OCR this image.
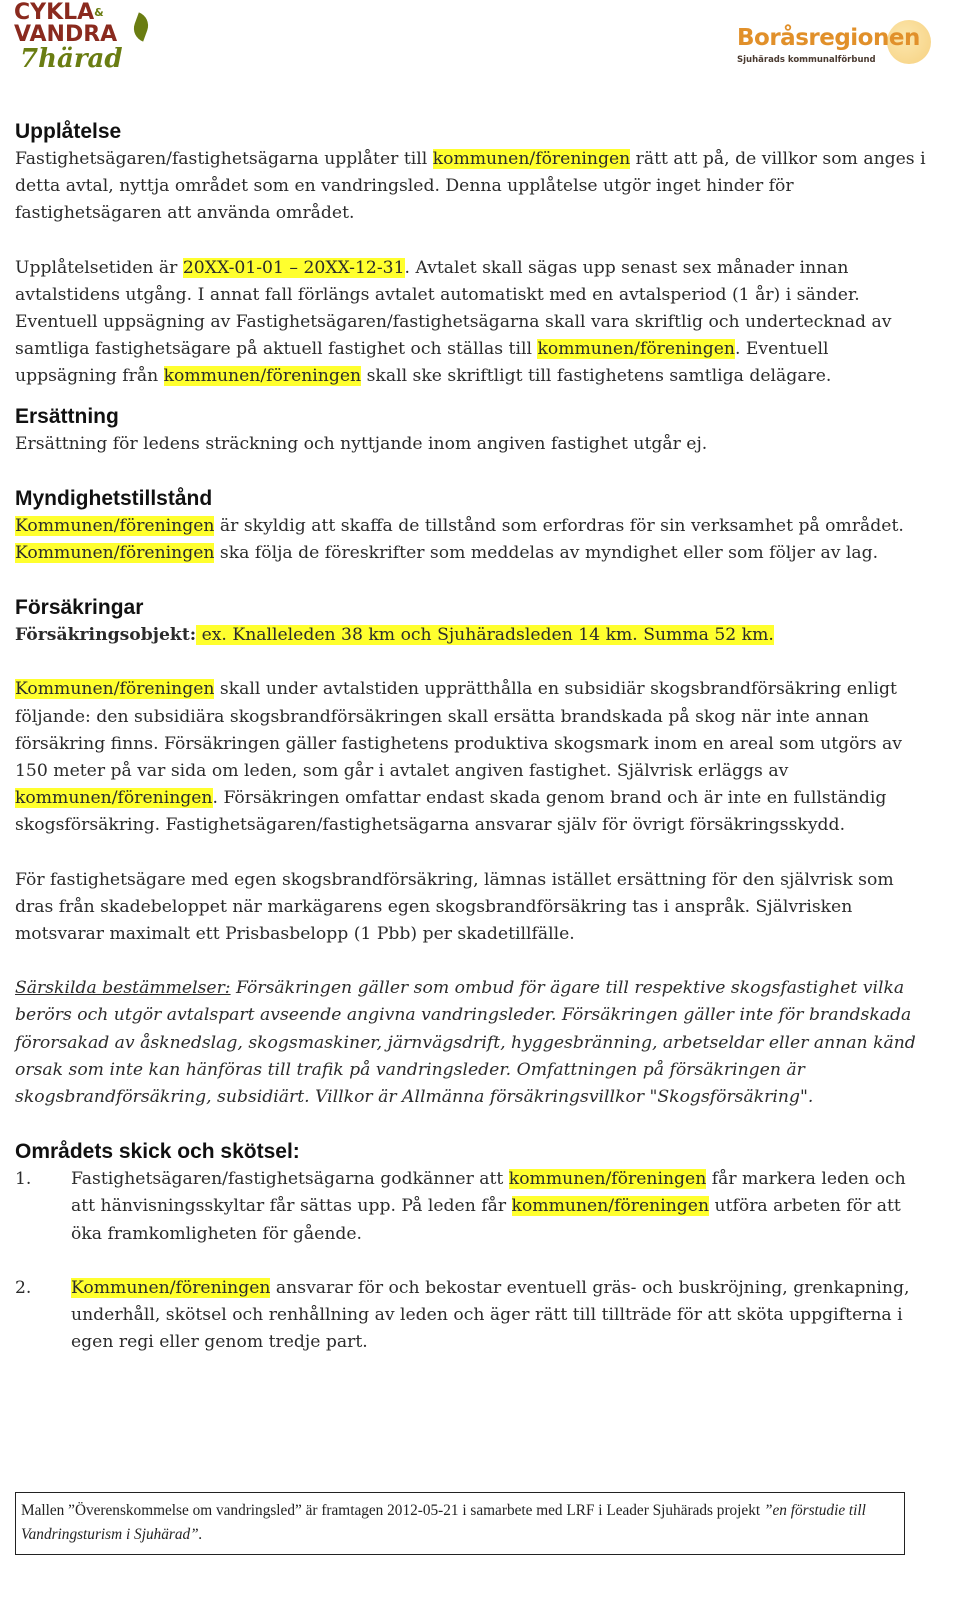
CYKLA&
VANDRA
7härad
Boråsregionen
Sjuhärads kommunalförbund
Upplåtelse

Fastighetsägaren/fastighetsägarna upplåter till kommunen/föreningen rätt att på, de villkor som anges i detta avtal, nyttja området som en vandringsled. Denna upplåtelse utgör inget hinder för fastighetsägaren att använda området.

Upplåtelsetiden är 20XX-01-01 – 20XX-12-31. Avtalet skall sägas upp senast sex månader innan avtalstidens utgång. I annat fall förlängs avtalet automatiskt med en avtalsperiod (1 år) i sänder. Eventuell uppsägning av Fastighetsägaren/fastighetsägarna skall vara skriftlig och undertecknad av samtliga fastighetsägare på aktuell fastighet och ställas till kommunen/föreningen. Eventuell uppsägning från kommunen/föreningen skall ske skriftligt till fastighetens samtliga delägare.

Ersättning

Ersättning för ledens sträckning och nyttjande inom angiven fastighet utgår ej.

Myndighetstillstånd

Kommunen/föreningen är skyldig att skaffa de tillstånd som erfordras för sin verksamhet på området. Kommunen/föreningen ska följa de föreskrifter som meddelas av myndighet eller som följer av lag.

Försäkringar

Försäkringsobjekt: ex. Knalleleden 38 km och Sjuhäradsleden 14 km. Summa 52 km.

Kommunen/föreningen skall under avtalstiden upprätthålla en subsidiär skogsbrandförsäkring enligt följande: den subsidiära skogsbrandförsäkringen skall ersätta brandskada på skog när inte annan försäkring finns. Försäkringen gäller fastighetens produktiva skogsmark inom en areal som utgörs av 150 meter på var sida om leden, som går i avtalet angiven fastighet. Självrisk erläggs av kommunen/föreningen. Försäkringen omfattar endast skada genom brand och är inte en fullständig skogsförsäkring. Fastighetsägaren/fastighetsägarna ansvarar själv för övrigt försäkringsskydd.

För fastighetsägare med egen skogsbrandförsäkring, lämnas istället ersättning för den självrisk som dras från skadebeloppet när markägarens egen skogsbrandförsäkring tas i anspråk. Självrisken motsvarar maximalt ett Prisbasbelopp (1 Pbb) per skadetillfälle.

Särskilda bestämmelser: Försäkringen gäller som ombud för ägare till respektive skogsfastighet vilka berörs och utgör avtalspart avseende angivna vandringsleder. Försäkringen gäller inte för brandskada förorsakad av åsknedslag, skogsmaskiner, järnvägsdrift, hyggesbränning, arbetseldar eller annan känd orsak som inte kan hänföras till trafik på vandringsleder. Omfattningen på försäkringen är skogsbrandförsäkring, subsidiärt. Villkor är Allmänna försäkringsvillkor "Skogsförsäkring".

Områdets skick och skötsel:
1. Fastighetsägaren/fastighetsägarna godkänner att kommunen/föreningen får markera leden och att hänvisningsskyltar får sättas upp. På leden får kommunen/föreningen utföra arbeten för att öka framkomligheten för gående.
2. Kommunen/föreningen ansvarar för och bekostar eventuell gräs- och buskröjning, grenkapning, underhåll, skötsel och renhållning av leden och äger rätt till tillträde för att sköta uppgifterna i egen regi eller genom tredje part.
Mallen ”Överenskommelse om vandringsled” är framtagen 2012-05-21 i samarbete med LRF i Leader Sjuhärads projekt ”en förstudie till Vandringsturism i Sjuhärad”.
